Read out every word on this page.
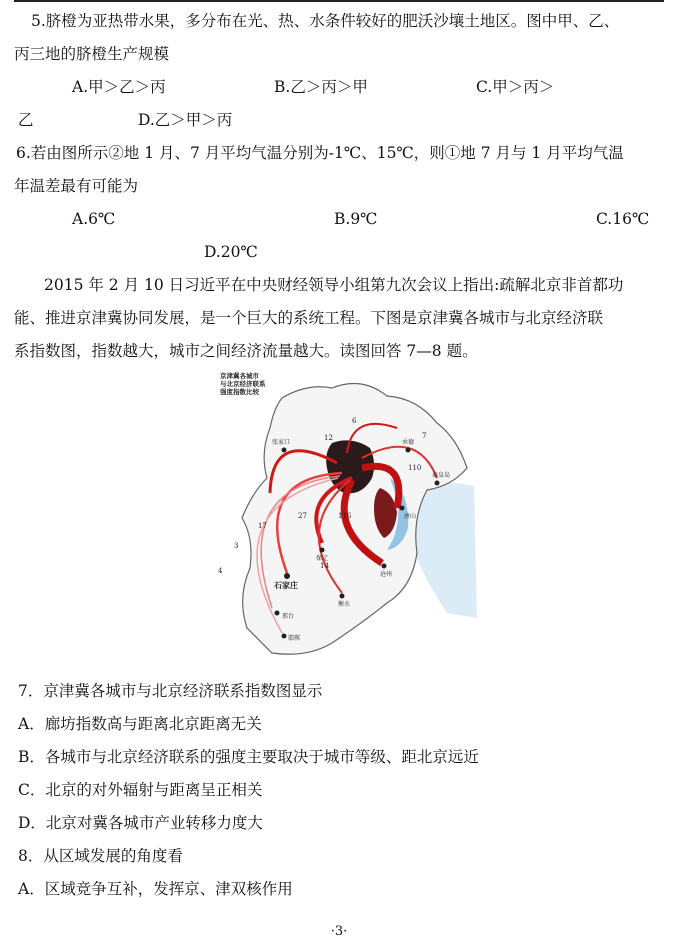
5.脐橙为亚热带水果，多分布在光、热、水条件较好的肥沃沙壤土地区。图中甲、乙、
丙三地的脐橙生产规模
A.甲＞乙＞丙	B.乙＞丙＞甲	C.甲＞丙＞
乙	D.乙＞甲＞丙
6.若由图所示②地 1 月、7 月平均气温分别为-1℃、15℃，则①地 7 月与 1 月平均气温
年温差最有可能为
A.6℃	B.9℃	C.16℃
D.20℃
2015 年 2 月 10 日习近平在中央财经领导小组第九次会议上指出:疏解北京非首都功
能、推进京津冀协同发展，是一个巨大的系统工程。下图是京津冀各城市与北京经济联
系指数图，指数越大，城市之间经济流量越大。读图回答 7—8 题。
京津冀各城市
与北京经济联系
强度指数比较
张家口	承德
秦皇岛
唐山
保定
沧州
衡水
石家庄
邢台
邯郸
12
6
7
110
27	116
17
3
4
14
7．京津冀各城市与北京经济联系指数图显示
A．廊坊指数高与距离北京距离无关
B．各城市与北京经济联系的强度主要取决于城市等级、距北京远近
C．北京的对外辐射与距离呈正相关
D．北京对冀各城市产业转移力度大
8．从区域发展的角度看
A．区域竞争互补，发挥京、津双核作用
·3·
